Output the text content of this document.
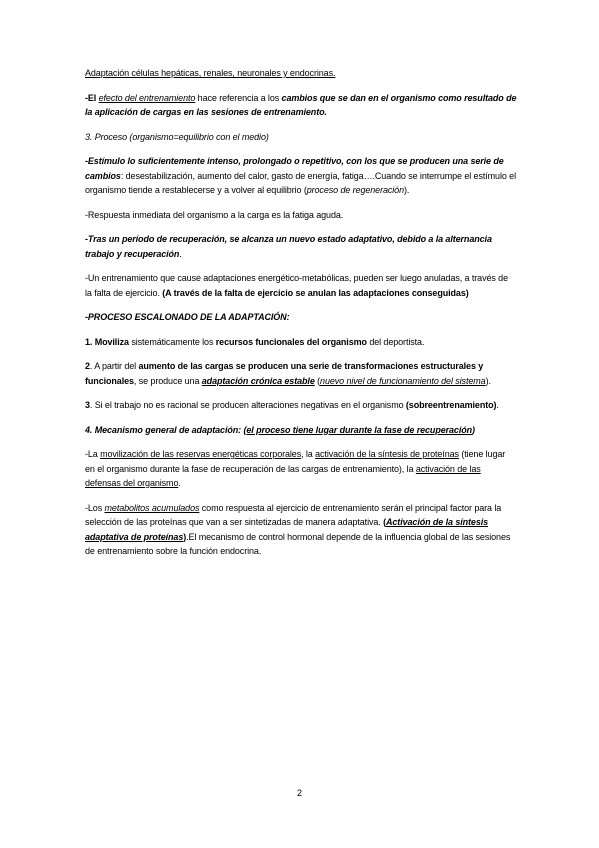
Adaptación células hepáticas, renales, neuronales y endocrinas.

-El efecto del entrenamiento hace referencia a los cambios que se dan en el organismo como resultado de la aplicación de cargas en las sesiones de entrenamiento.

3. Proceso (organismo=equilibrio con el medio)

-Estímulo lo suficientemente intenso, prolongado o repetitivo, con los que se producen una serie de cambios: desestabilización, aumento del calor, gasto de energía, fatiga….Cuando se interrumpe el estímulo el organismo tiende a restablecerse y a volver al equilibrio (proceso de regeneración).

-Respuesta inmediata del organismo a la carga es la fatiga aguda.

-Tras un período de recuperación, se alcanza un nuevo estado adaptativo, debido a la alternancia trabajo y recuperación.

-Un entrenamiento que cause adaptaciones energético-metabólicas, pueden ser luego anuladas, a través de la falta de ejercicio. (A través de la falta de ejercicio se anulan las adaptaciones conseguidas)

-PROCESO ESCALONADO DE LA ADAPTACIÓN:

1. Moviliza sistemáticamente los recursos funcionales del organismo del deportista.

2. A partir del aumento de las cargas se producen una serie de transformaciones estructurales y funcionales, se produce una adaptación crónica estable (nuevo nivel de funcionamiento del sistema).

3. Si el trabajo no es racional se producen alteraciones negativas en el organismo (sobreentrenamiento).

4. Mecanismo general de adaptación: (el proceso tiene lugar durante la fase de recuperación)

-La movilización de las reservas energéticas corporales, la activación de la síntesis de proteínas (tiene lugar en el organismo durante la fase de recuperación de las cargas de entrenamiento), la activación de las defensas del organismo.

-Los metabolitos acumulados como respuesta al ejercicio de entrenamiento serán el principal factor para la selección de las proteínas que van a ser sintetizadas de manera adaptativa. (Activación de la síntesis adaptativa de proteínas).El mecanismo de control hormonal depende de la influencia global de las sesiones de entrenamiento sobre la función endocrina.

2
